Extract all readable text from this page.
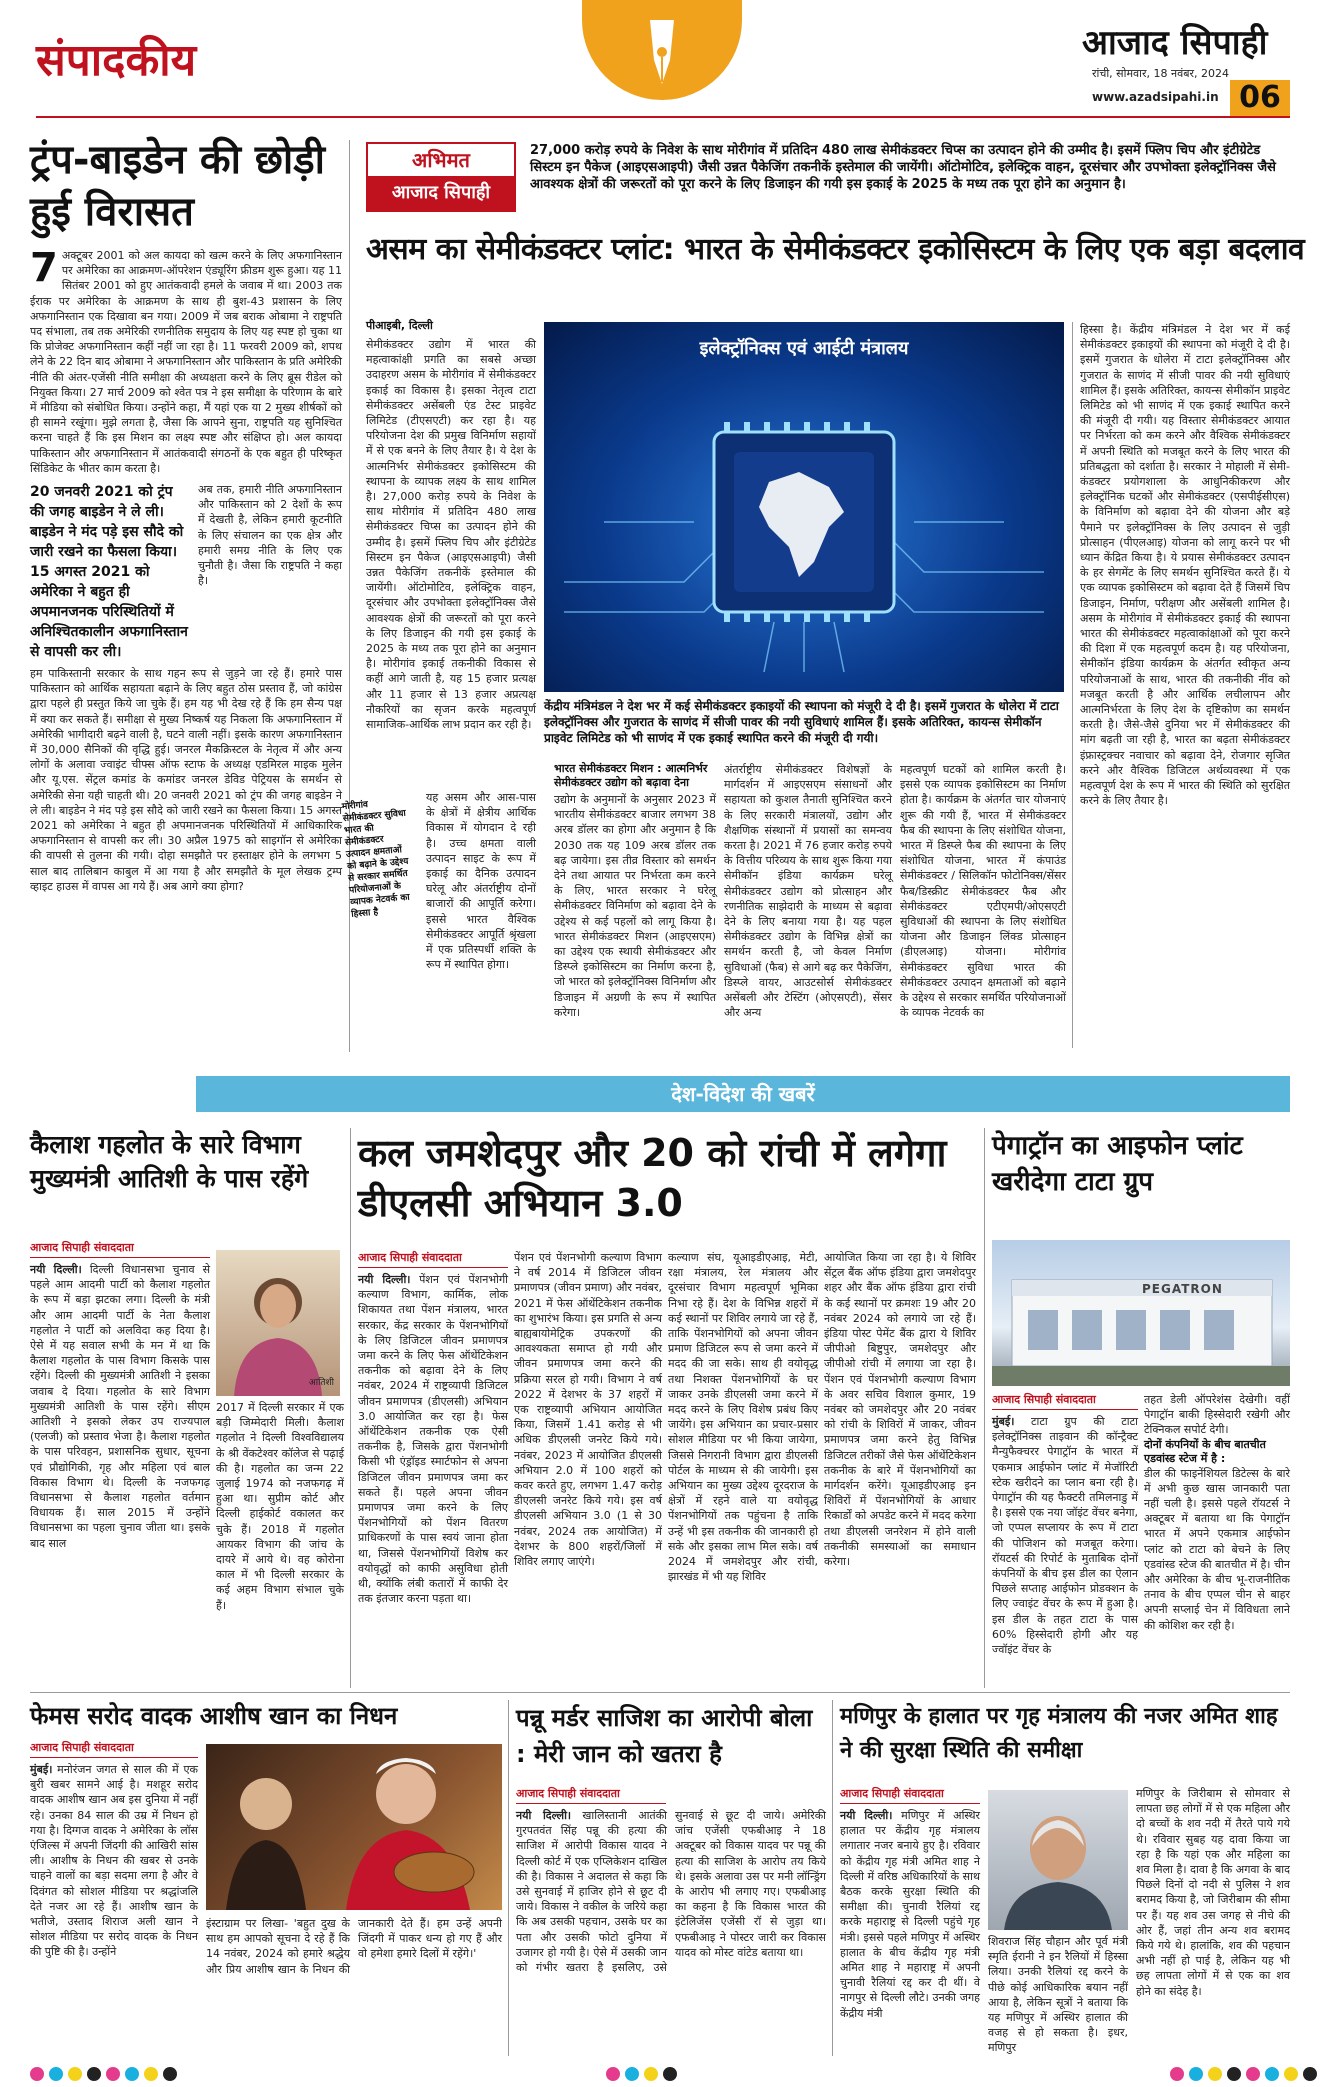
संपादकीय	आजाद सिपाही
रांची, सोमवार, 18 नवंबर, 2024
www.azadsipahi.in 06
ट्रंप-बाइडेन की छोड़ी हुई विरासत
7 अक्टूबर 2001 को अल कायदा को खत्म करने के लिए अफगानिस्तान पर अमेरिका का आक्रमण-ऑपरेशन एंड्यूरिंग फ्रीडम शुरू हुआ। यह 11 सितंबर 2001 को हुए आतंकवादी हमले के जवाब में था। 2003 तक ईराक पर अमेरिका के आक्रमण के साथ ही बुश-43 प्रशासन के लिए अफगानिस्तान एक दिखावा बन गया। 2009 में जब बराक ओबामा ने राष्ट्रपति पद संभाला, तब तक अमेरिकी रणनीतिक समुदाय के लिए यह स्पष्ट हो चुका था कि प्रोजेक्ट अफगानिस्तान कहीं नहीं जा रहा है। 11 फरवरी 2009 को, शपथ लेने के 22 दिन बाद ओबामा ने अफगानिस्तान और पाकिस्तान के प्रति अमेरिकी नीति की अंतर-एजेंसी नीति समीक्षा की अध्यक्षता करने के लिए ब्रूस रीडेल को नियुक्त किया। 27 मार्च 2009 को श्वेत पत्र ने इस समीक्षा के परिणाम के बारे में मीडिया को संबोधित किया। उन्होंने कहा, मैं यहां एक या 2 मुख्य शीर्षकों को ही सामने रखूंगा। मुझे लगता है, जैसा कि आपने सुना, राष्ट्रपति यह सुनिश्चित करना चाहते हैं कि इस मिशन का लक्ष्य स्पष्ट और संक्षिप्त हो। अल कायदा पाकिस्तान और अफगानिस्तान में आतंकवादी संगठनों के एक बहुत ही परिष्कृत सिंडिकेट के भीतर काम करता है।
20 जनवरी 2021 को ट्रंप की जगह बाइडेन ने ले ली। बाइडेन ने मंद पड़े इस सौदे को जारी रखने का फैसला किया। 15 अगस्त 2021 को अमेरिका ने बहुत ही अपमानजनक परिस्थितियों में अनिश्चितकालीन अफगानिस्तान से वापसी कर ली।
अब तक, हमारी नीति अफगानिस्तान और पाकिस्तान को 2 देशों के रूप में देखती है, लेकिन हमारी कूटनीति के लिए संचालन का एक क्षेत्र और हमारी समग्र नीति के लिए एक चुनौती है। जैसा कि राष्ट्रपति ने कहा है।
हम पाकिस्तानी सरकार के साथ गहन रूप से जुड़ने जा रहे हैं। हमारे पास पाकिस्तान को आर्थिक सहायता बढ़ाने के लिए बहुत ठोस प्रस्ताव हैं, जो कांग्रेस द्वारा पहले ही प्रस्तुत किये जा चुके हैं। हम यह भी देख रहे हैं कि हम सैन्य पक्ष में क्या कर सकते हैं। समीक्षा से मुख्य निष्कर्ष यह निकला कि अफगानिस्तान में अमेरिकी भागीदारी बढ़ने वाली है, घटने वाली नहीं। इसके कारण अफगानिस्तान में 30,000 सैनिकों की वृद्धि हुई। जनरल मैकक्रिस्टल के नेतृत्व में और अन्य लोगों के अलावा ज्वाइंट चीफ्स ऑफ स्टाफ के अध्यक्ष एडमिरल माइक मुलेन और यू.एस. सेंट्रल कमांड के कमांडर जनरल डेविड पेट्रियस के समर्थन से अमेरिकी सेना यही चाहती थी। 20 जनवरी 2021 को ट्रंप की जगह बाइडेन ने ले ली। बाइडेन ने मंद पड़े इस सौदे को जारी रखने का फैसला किया। 15 अगस्त 2021 को अमेरिका ने बहुत ही अपमानजनक परिस्थितियों में आधिकारिक अफगानिस्तान से वापसी कर ली। 30 अप्रैल 1975 को साइगॉन से अमेरिका की वापसी से तुलना की गयी। दोहा समझौते पर हस्ताक्षर होने के लगभग 5 साल बाद तालिबान काबुल में आ गया है और समझौते के मूल लेखक ट्रम्प व्हाइट हाउस में वापस आ गये हैं। अब आगे क्या होगा?
अभिमत
आजाद सिपाही
27,000 करोड़ रुपये के निवेश के साथ मोरीगांव में प्रतिदिन 480 लाख सेमीकंडक्टर चिप्स का उत्पादन होने की उम्मीद है। इसमें फ्लिप चिप और इंटीग्रेटेड सिस्टम इन पैकेज (आइएसआइपी) जैसी उन्नत पैकेजिंग तकनीकें इस्तेमाल की जायेंगी। ऑटोमोटिव, इलेक्ट्रिक वाहन, दूरसंचार और उपभोक्ता इलेक्ट्रॉनिक्स जैसे आवश्यक क्षेत्रों की जरूरतों को पूरा करने के लिए डिजाइन की गयी इस इकाई के 2025 के मध्य तक पूरा होने का अनुमान है।
असम का सेमीकंडक्टर प्लांट: भारत के सेमीकंडक्टर इकोसिस्टम के लिए एक बड़ा बदलाव
पीआइबी, दिल्ली
सेमीकंडक्टर उद्योग में भारत की महत्वाकांक्षी प्रगति का सबसे अच्छा उदाहरण असम के मोरीगांव में सेमीकंडक्टर इकाई का विकास है। इसका नेतृत्व टाटा सेमीकंडक्टर असेंबली एंड टेस्ट प्राइवेट लिमिटेड (टीएसएटी) कर रहा है। यह परियोजना देश की प्रमुख विनिर्माण सहायों में से एक बनने के लिए तैयार है। ये देश के आत्मनिर्भर सेमीकंडक्टर इकोसिस्टम की स्थापना के व्यापक लक्ष्य के साथ शामिल है। 27,000 करोड़ रुपये के निवेश के साथ मोरीगांव में प्रतिदिन 480 लाख सेमीकंडक्टर चिप्स का उत्पादन होने की उम्मीद है। इसमें फ्लिप चिप और इंटीग्रेटेड सिस्टम इन पैकेज (आइएसआइपी) जैसी उन्नत पैकेजिंग तकनीकें इस्तेमाल की जायेंगी। ऑटोमोटिव, इलेक्ट्रिक वाहन, दूरसंचार और उपभोक्ता इलेक्ट्रॉनिक्स जैसे आवश्यक क्षेत्रों की जरूरतों को पूरा करने के लिए डिजाइन की गयी इस इकाई के 2025 के मध्य तक पूरा होने का अनुमान है। मोरीगांव इकाई तकनीकी विकास से कहीं आगे जाती है, यह 15 हजार प्रत्यक्ष और 11 हजार से 13 हजार अप्रत्यक्ष नौकरियों का सृजन करके महत्वपूर्ण सामाजिक-आर्थिक लाभ प्रदान कर रही है।
इलेक्ट्रॉनिक्स एवं आईटी मंत्रालय
केंद्रीय मंत्रिमंडल ने देश भर में कई सेमीकंडक्टर इकाइयों की स्थापना को मंजूरी दे दी है। इसमें गुजरात के धोलेरा में टाटा इलेक्ट्रॉनिक्स और गुजरात के साणंद में सीजी पावर की नयी सुविधाएं शामिल हैं। इसके अतिरिक्त, कायन्स सेमीकॉन प्राइवेट लिमिटेड को भी साणंद में एक इकाई स्थापित करने की मंजूरी दी गयी।
हिस्सा है। केंद्रीय मंत्रिमंडल ने देश भर में कई सेमीकंडक्टर इकाइयों की स्थापना को मंजूरी दे दी है। इसमें गुजरात के धोलेरा में टाटा इलेक्ट्रॉनिक्स और गुजरात के साणंद में सीजी पावर की नयी सुविधाएं शामिल हैं। इसके अतिरिक्त, कायन्स सेमीकॉन प्राइवेट लिमिटेड को भी साणंद में एक इकाई स्थापित करने की मंजूरी दी गयी। यह विस्तार सेमीकंडक्टर आयात पर निर्भरता को कम करने और वैश्विक सेमीकंडक्टर में अपनी स्थिति को मजबूत करने के लिए भारत की प्रतिबद्धता को दर्शाता है। सरकार ने मोहाली में सेमी-कंडक्टर प्रयोगशाला के आधुनिकीकरण और इलेक्ट्रॉनिक घटकों और सेमीकंडक्टर (एसपीईसीएस) के विनिर्माण को बढ़ावा देने की योजना और बड़े पैमाने पर इलेक्ट्रॉनिक्स के लिए उत्पादन से जुड़ी प्रोत्साहन (पीएलआइ) योजना को लागू करने पर भी ध्यान केंद्रित किया है। ये प्रयास सेमीकंडक्टर उत्पादन के हर सेगमेंट के लिए समर्थन सुनिश्चित करते हैं। ये एक व्यापक इकोसिस्टम को बढ़ावा देते हैं जिसमें चिप डिजाइन, निर्माण, परीक्षण और असेंबली शामिल है। असम के मोरीगांव में सेमीकंडक्टर इकाई की स्थापना भारत की सेमीकंडक्टर महत्वाकांक्षाओं को पूरा करने की दिशा में एक महत्वपूर्ण कदम है। यह परियोजना, सेमीकॉन इंडिया कार्यक्रम के अंतर्गत स्वीकृत अन्य परियोजनाओं के साथ, भारत की तकनीकी नींव को मजबूत करती है और आर्थिक लचीलापन और आत्मनिर्भरता के लिए देश के दृष्टिकोण का समर्थन करती है। जैसे-जैसे दुनिया भर में सेमीकंडक्टर की मांग बढ़ती जा रही है, भारत का बढ़ता सेमीकंडक्टर इंफ्रास्ट्रक्चर नवाचार को बढ़ावा देने, रोजगार सृजित करने और वैश्विक डिजिटल अर्थव्यवस्था में एक महत्वपूर्ण देश के रूप में भारत की स्थिति को सुरक्षित करने के लिए तैयार है।
मोरीगांव सेमीकंडक्टर सुविधा भारत की सेमीकंडक्टर उत्पादन क्षमताओं को बढ़ाने के उद्देश्य से सरकार समर्थित परियोजनाओं के व्यापक नेटवर्क का हिस्सा है
यह असम और आस-पास के क्षेत्रों में क्षेत्रीय आर्थिक विकास में योगदान दे रही है। उच्च क्षमता वाली उत्पादन साइट के रूप में इकाई का दैनिक उत्पादन घरेलू और अंतर्राष्ट्रीय दोनों बाजारों की आपूर्ति करेगा। इससे भारत वैश्विक सेमीकंडक्टर आपूर्ति श्रृंखला में एक प्रतिस्पर्धी शक्ति के रूप में स्थापित होगा।
भारत सेमीकंडक्टर मिशन : आत्मनिर्भर सेमीकंडक्टर उद्योग को बढ़ावा देना
उद्योग के अनुमानों के अनुसार 2023 में भारतीय सेमीकंडक्टर बाजार लगभग 38 अरब डॉलर का होगा और अनुमान है कि 2030 तक यह 109 अरब डॉलर तक बढ़ जायेगा। इस तीव्र विस्तार को समर्थन देने तथा आयात पर निर्भरता कम करने के लिए, भारत सरकार ने घरेलू सेमीकंडक्टर विनिर्माण को बढ़ावा देने के उद्देश्य से कई पहलों को लागू किया है। भारत सेमीकंडक्टर मिशन (आइएसएम) का उद्देश्य एक स्थायी सेमीकंडक्टर और डिस्प्ले इकोसिस्टम का निर्माण करना है, जो भारत को इलेक्ट्रॉनिक्स विनिर्माण और डिजाइन में अग्रणी के रूप में स्थापित करेगा।
अंतर्राष्ट्रीय सेमीकंडक्टर विशेषज्ञों के मार्गदर्शन में आइएसएम संसाधनों और सहायता को कुशल तैनाती सुनिश्चित करने के लिए सरकारी मंत्रालयों, उद्योग और शैक्षणिक संस्थानों में प्रयासों का समन्वय करता है। 2021 में 76 हजार करोड़ रुपये के वित्तीय परिव्यय के साथ शुरू किया गया सेमीकॉन इंडिया कार्यक्रम घरेलू सेमीकंडक्टर उद्योग को प्रोत्साहन और रणनीतिक साझेदारी के माध्यम से बढ़ावा देने के लिए बनाया गया है। यह पहल सेमीकंडक्टर उद्योग के विभिन्न क्षेत्रों का समर्थन करती है, जो केवल निर्माण सुविधाओं (फैब) से आगे बढ़ कर पैकेजिंग, डिस्प्ले वायर, आउटसोर्स सेमीकंडक्टर असेंबली और टेस्टिंग (ओएसएटी), सेंसर और अन्य
महत्वपूर्ण घटकों को शामिल करती है। इससे एक व्यापक इकोसिस्टम का निर्माण होता है। कार्यक्रम के अंतर्गत चार योजनाएं शुरू की गयी हैं, भारत में सेमीकंडक्टर फैब की स्थापना के लिए संशोधित योजना, भारत में डिस्प्ले फैब की स्थापना के लिए संशोधित योजना, भारत में कंपाउंड सेमीकंडक्टर / सिलिकॉन फोटोनिक्स/सेंसर फैब/डिस्क्रीट सेमीकंडक्टर फैब और सेमीकंडक्टर एटीएमपी/ओएसएटी सुविधाओं की स्थापना के लिए संशोधित योजना और डिजाइन लिंक्ड प्रोत्साहन (डीएलआइ) योजना। मोरीगांव सेमीकंडक्टर सुविधा भारत की सेमीकंडक्टर उत्पादन क्षमताओं को बढ़ाने के उद्देश्य से सरकार समर्थित परियोजनाओं के व्यापक नेटवर्क का
देश-विदेश की खबरें
कैलाश गहलोत के सारे विभाग मुख्यमंत्री आतिशी के पास रहेंगे
आजाद सिपाही संवाददाता
नयी दिल्ली। दिल्ली विधानसभा चुनाव से पहले आम आदमी पार्टी को कैलाश गहलोत के रूप में बड़ा झटका लगा। दिल्ली के मंत्री और आम आदमी पार्टी के नेता कैलाश गहलोत ने पार्टी को अलविदा कह दिया है। ऐसे में यह सवाल सभी के मन में था कि कैलाश गहलोत के पास विभाग किसके पास रहेंगे। दिल्ली की मुख्यमंत्री आतिशी ने इसका जवाब दे दिया। गहलोत के सारे विभाग मुख्यमंत्री आतिशी के पास रहेंगे। सीएम आतिशी ने इसको लेकर उप राज्यपाल (एलजी) को प्रस्ताव भेजा है। कैलाश गहलोत के पास परिवहन, प्रशासनिक सुधार, सूचना एवं प्रौद्योगिकी, गृह और महिला एवं बाल विकास विभाग थे। दिल्ली के नजफगढ़ विधानसभा से कैलाश गहलोत वर्तमान विधायक हैं। साल 2015 में उन्होंने विधानसभा का पहला चुनाव जीता था। इसके बाद साल
आतिशी
2017 में दिल्ली सरकार में एक बड़ी जिम्मेदारी मिली। कैलाश गहलोत ने दिल्ली विश्वविद्यालय के श्री वेंकटेश्वर कॉलेज से पढ़ाई की है। गहलोत का जन्म 22 जुलाई 1974 को नजफगढ़ में हुआ था। सुप्रीम कोर्ट और दिल्ली हाईकोर्ट वकालत कर चुके हैं। 2018 में गहलोत आयकर विभाग की जांच के दायरे में आये थे। वह कोरोना काल में भी दिल्ली सरकार के कई अहम विभाग संभाल चुके हैं।
कल जमशेदपुर और 20 को रांची में लगेगा डीएलसी अभियान 3.0
आजाद सिपाही संवाददाता
नयी दिल्ली। पेंशन एवं पेंशनभोगी कल्याण विभाग, कार्मिक, लोक शिकायत तथा पेंशन मंत्रालय, भारत सरकार, केंद्र सरकार के पेंशनभोगियों के लिए डिजिटल जीवन प्रमाणपत्र जमा करने के लिए फेस ऑथेंटिकेशन तकनीक को बढ़ावा देने के लिए नवंबर, 2024 में राष्ट्रव्यापी डिजिटल जीवन प्रमाणपत्र (डीएलसी) अभियान 3.0 आयोजित कर रहा है। फेस ऑथेंटिकेशन तकनीक एक ऐसी तकनीक है, जिसके द्वारा पेंशनभोगी किसी भी एंड्रॉइड स्मार्टफोन से अपना डिजिटल जीवन प्रमाणपत्र जमा कर सकते हैं। पहले अपना जीवन प्रमाणपत्र जमा करने के लिए पेंशनभोगियों को पेंशन वितरण प्राधिकरणों के पास स्वयं जाना होता था, जिससे पेंशनभोगियों विशेष कर वयोवृद्धों को काफी असुविधा होती थी, क्योंकि लंबी कतारों में काफी देर तक इंतजार करना पड़ता था।
पेंशन एवं पेंशनभोगी कल्याण विभाग ने वर्ष 2014 में डिजिटल जीवन प्रमाणपत्र (जीवन प्रमाण) और नवंबर, 2021 में फेस ऑथेंटिकेशन तकनीक का शुभारंभ किया। इस प्रगति से अन्य बाह्यबायोमेट्रिक उपकरणों की आवश्यकता समाप्त हो गयी और जीवन प्रमाणपत्र जमा करने की प्रक्रिया सरल हो गयी। विभाग ने वर्ष 2022 में देशभर के 37 शहरों में एक राष्ट्रव्यापी अभियान आयोजित किया, जिसमें 1.41 करोड़ से भी अधिक डीएलसी जनरेट किये गये। नवंबर, 2023 में आयोजित डीएलसी अभियान 2.0 में 100 शहरों को कवर करते हुए, लगभग 1.47 करोड़ डीएलसी जनरेट किये गये। इस वर्ष डीएलसी अभियान 3.0 (1 से 30 नवंबर, 2024 तक आयोजित) में देशभर के 800 शहरों/जिलों में शिविर लगाए जाएंगे।
कल्याण संघ, यूआइडीएआइ, मेटी, रक्षा मंत्रालय, रेल मंत्रालय और दूरसंचार विभाग महत्वपूर्ण भूमिका निभा रहे हैं। देश के विभिन्न शहरों में कई स्थानों पर शिविर लगाये जा रहे हैं, ताकि पेंशनभोगियों को अपना जीवन प्रमाण डिजिटल रूप से जमा करने में मदद की जा सके। साथ ही वयोवृद्ध तथा निशक्त पेंशनभोगियों के घर जाकर उनके डीएलसी जमा करने में मदद करने के लिए विशेष प्रबंध किए जायेंगे। इस अभियान का प्रचार-प्रसार सोशल मीडिया पर भी किया जायेगा, जिससे निगरानी विभाग द्वारा डीएलसी पोर्टल के माध्यम से की जायेगी। इस अभियान का मुख्य उद्देश्य दूरदराज के क्षेत्रों में रहने वाले या वयोवृद्ध पेंशनभोगियों तक पहुंचना है ताकि उन्हें भी इस तकनीक की जानकारी हो सके और इसका लाभ मिल सके। वर्ष 2024 में जमशेदपुर और रांची, झारखंड में भी यह शिविर
आयोजित किया जा रहा है। ये शिविर सेंट्रल बैंक ऑफ इंडिया द्वारा जमशेदपुर शहर और बैंक ऑफ इंडिया द्वारा रांची के कई स्थानों पर क्रमशः 19 और 20 नवंबर 2024 को लगाये जा रहे हैं। इंडिया पोस्ट पेमेंट बैंक द्वारा ये शिविर जीपीओ बिष्टुपुर, जमशेदपुर और जीपीओ रांची में लगाया जा रहा है। पेंशन एवं पेंशनभोगी कल्याण विभाग के अवर सचिव विशाल कुमार, 19 नवंबर को जमशेदपुर और 20 नवंबर को रांची के शिविरों में जाकर, जीवन प्रमाणपत्र जमा करने हेतु विभिन्न डिजिटल तरीकों जैसे फेस ऑथेंटिकेशन तकनीक के बारे में पेंशनभोगियों का मार्गदर्शन करेंगे। यूआइडीएआइ इन शिविरों में पेंशनभोगियों के आधार रिकार्डों को अपडेट करने में मदद करेगा तथा डीएलसी जनरेशन में होने वाली तकनीकी समस्याओं का समाधान करेगा।
पेगाट्रॉन का आइफोन प्लांट खरीदेगा टाटा ग्रुप
PEGATRON
आजाद सिपाही संवाददाता
मुंबई। टाटा ग्रुप की टाटा इलेक्ट्रॉनिक्स ताइवान की कॉन्ट्रैक्ट मैन्युफैक्चरर पेगाट्रॉन के भारत में एकमात्र आईफोन प्लांट में मेजॉरिटी स्टेक खरीदने का प्लान बना रही है। पेगाट्रॉन की यह फैक्टरी तमिलनाडु में है। इससे एक नया जॉइंट वेंचर बनेगा, जो एप्पल सप्लायर के रूप में टाटा की पोजिशन को मजबूत करेगा। रॉयटर्स की रिपोर्ट के मुताबिक दोनों कंपनियों के बीच इस डील का ऐलान पिछले सप्ताह आईफोन प्रोडक्शन के लिए ज्वाइंट वेंचर के रूप में हुआ है। इस डील के तहत टाटा के पास 60% हिस्सेदारी होगी और यह ज्वॉइंट वेंचर के
तहत डेली ऑपरेशंस देखेगी। वहीं पेगाट्रॉन बाकी हिस्सेदारी रखेगी और टेक्निकल सपोर्ट देगी।
दोनों कंपनियों के बीच बातचीत एडवांस्ड स्टेज में है :
डील की फाइनेंशियल डिटेल्स के बारे में अभी कुछ खास जानकारी पता नहीं चली है। इससे पहले रॉयटर्स ने अक्टूबर में बताया था कि पेगाट्रॉन भारत में अपने एकमात्र आईफोन प्लांट को टाटा को बेचने के लिए एडवांस्ड स्टेज की बातचीत में है। चीन और अमेरिका के बीच भू-राजनीतिक तनाव के बीच एप्पल चीन से बाहर अपनी सप्लाई चेन में विविधता लाने की कोशिश कर रही है।
फेमस सरोद वादक आशीष खान का निधन
आजाद सिपाही संवाददाता
मुंबई। मनोरंजन जगत से साल की में एक बुरी खबर सामने आई है। मशहूर सरोद वादक आशीष खान अब इस दुनिया में नहीं रहे। उनका 84 साल की उम्र में निधन हो गया है। दिग्गज वादक ने अमेरिका के लॉस एंजिल्स में अपनी जिंदगी की आखिरी सांस ली। आशीष के निधन की खबर से उनके चाहने वालों का बड़ा सदमा लगा है और वे दिवंगत को सोशल मीडिया पर श्रद्धांजलि देते नजर आ रहे हैं। आशीष खान के भतीजे, उस्ताद शिराज अली खान ने सोशल मीडिया पर सरोद वादक के निधन की पुष्टि की है। उन्होंने
इंस्टाग्राम पर लिखा- 'बहुत दुख के साथ हम आपको सूचना दे रहे हैं कि 14 नवंबर, 2024 को हमारे श्रद्धेय और प्रिय आशीष खान के निधन की जानकारी देते हैं। हम उन्हें अपनी जिंदगी में पाकर धन्य हो गए हैं और वो हमेशा हमारे दिलों में रहेंगे।'
पन्नू मर्डर साजिश का आरोपी बोला : मेरी जान को खतरा है
आजाद सिपाही संवाददाता
नयी दिल्ली। खालिस्तानी आतंकी गुरपतवंत सिंह पन्नू की हत्या की साजिश में आरोपी विकास यादव ने दिल्ली कोर्ट में एक एप्लिकेशन दाखिल की है। विकास ने अदालत से कहा कि उसे सुनवाई में हाजिर होने से छूट दी जाये। विकास ने वकील के जरिये कहा कि अब उसकी पहचान, उसके घर का पता और उसकी फोटो दुनिया में उजागर हो गयी है। ऐसे में उसकी जान को गंभीर खतरा है इसलिए, उसे सुनवाई से छूट दी जाये। अमेरिकी जांच एजेंसी एफबीआइ ने 18 अक्टूबर को विकास यादव पर पन्नू की हत्या की साजिश के आरोप तय किये थे। इसके अलावा उस पर मनी लॉन्ड्रिंग के आरोप भी लगाए गए। एफबीआइ का कहना है कि विकास भारत की इंटेलिजेंस एजेंसी रॉ से जुड़ा था। एफबीआइ ने पोस्टर जारी कर विकास यादव को मोस्ट वांटेड बताया था।
मणिपुर के हालात पर गृह मंत्रालय की नजर अमित शाह ने की सुरक्षा स्थिति की समीक्षा
आजाद सिपाही संवाददाता
नयी दिल्ली। मणिपुर में अस्थिर हालात पर केंद्रीय गृह मंत्रालय लगातार नजर बनाये हुए है। रविवार को केंद्रीय गृह मंत्री अमित शाह ने दिल्ली में वरिष्ठ अधिकारियों के साथ बैठक करके सुरक्षा स्थिति की समीक्षा की। चुनावी रैलियां रद्द करके महाराष्ट्र से दिल्ली पहुंचे गृह मंत्री। इससे पहले मणिपुर में अस्थिर हालात के बीच केंद्रीय गृह मंत्री अमित शाह ने महाराष्ट्र में अपनी चुनावी रैलियां रद्द कर दी थीं। वे नागपुर से दिल्ली लौटे। उनकी जगह केंद्रीय मंत्री
शिवराज सिंह चौहान और पूर्व मंत्री स्मृति ईरानी ने इन रैलियों में हिस्सा लिया। उनकी रैलियां रद्द करने के पीछे कोई आधिकारिक बयान नहीं आया है, लेकिन सूत्रों ने बताया कि यह मणिपुर में अस्थिर हालात की वजह से हो सकता है। इधर, मणिपुर
मणिपुर के जिरीबाम से सोमवार से लापता छह लोगों में से एक महिला और दो बच्चों के शव नदी में तैरते पाये गये थे। रविवार सुबह यह दावा किया जा रहा है कि यहां एक और महिला का शव मिला है। दावा है कि अगवा के बाद पिछले दिनों दो नदी से पुलिस ने शव बरामद किया है, जो जिरीबाम की सीमा पर हैं। यह शव उस जगह से नीचे की ओर हैं, जहां तीन अन्य शव बरामद किये गये थे। हालांकि, शव की पहचान अभी नहीं हो पाई है, लेकिन यह भी छह लापता लोगों में से एक का शव होने का संदेह है।
